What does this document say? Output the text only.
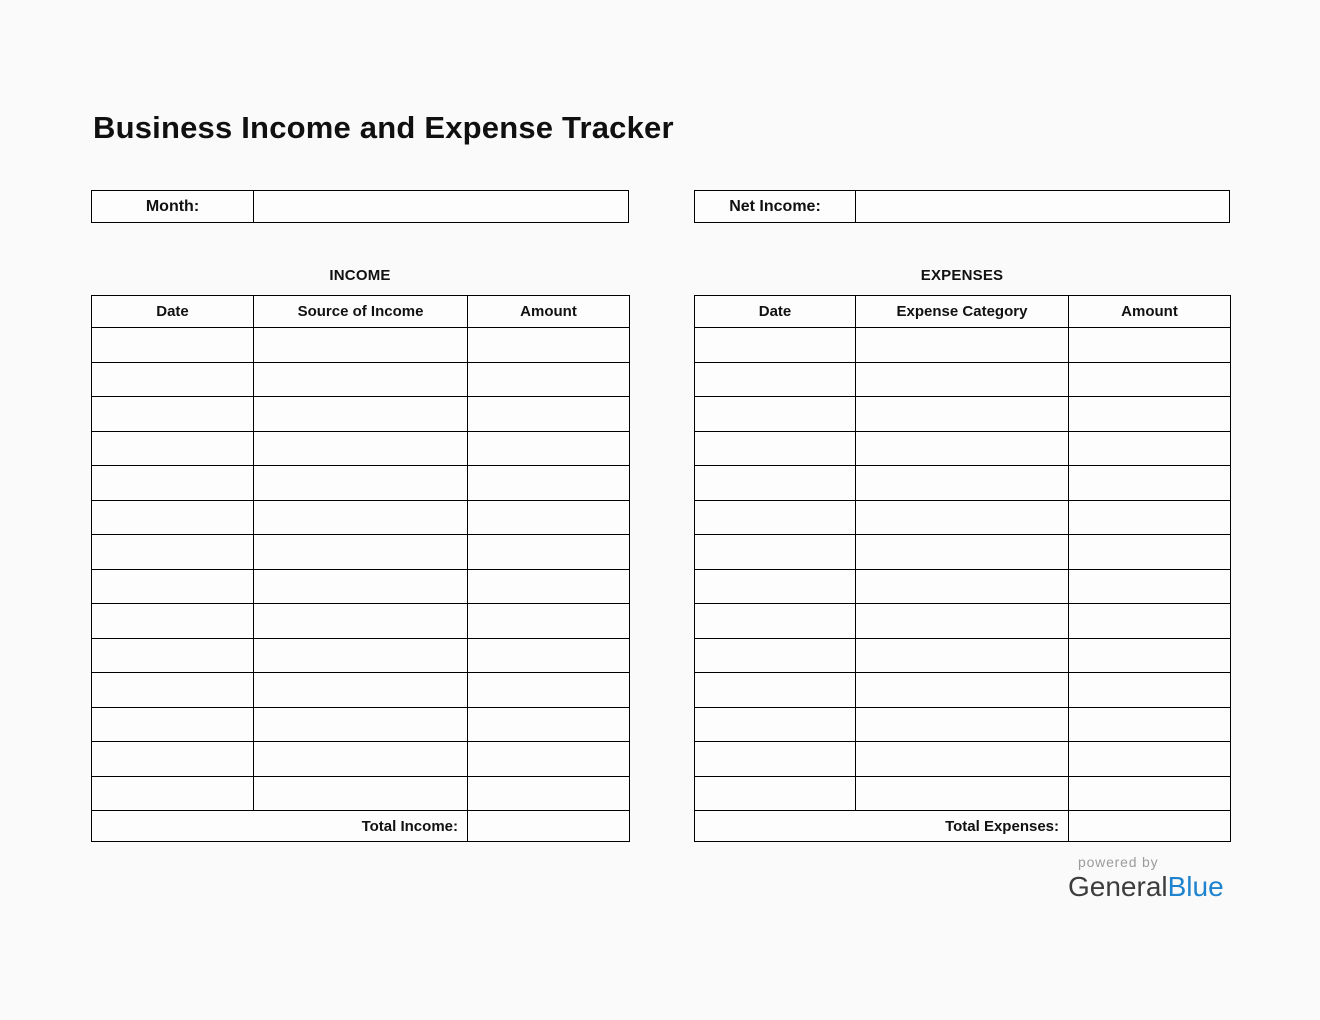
Business Income and Expense Tracker
Month:	Net Income:
INCOME	EXPENSES
Date	Source of Income	Amount

Total Income:		
Date	Expense Category	Amount

Total Expenses:		
powered by
GeneralBlue
